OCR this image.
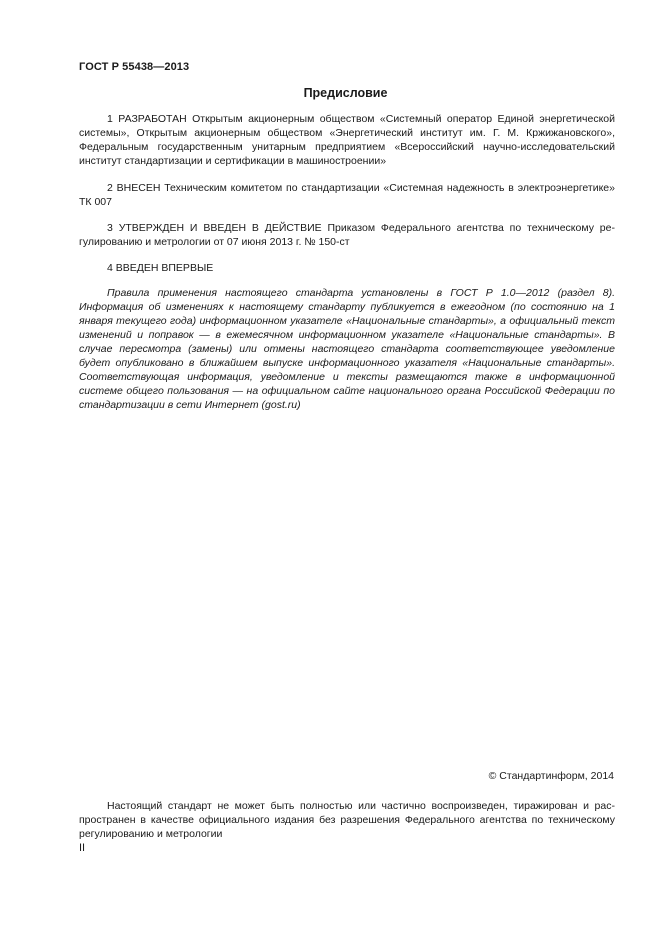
ГОСТ Р 55438—2013
Предисловие

1 РАЗРАБОТАН Открытым акционерным обществом «Системный оператор Единой энергетической системы», Открытым акционерным обществом «Энергетический институт им. Г. М. Кржижановского», Федеральным государственным унитарным предприятием «Всероссийский научно-исследовательский институт стандартизации и сертификации в машиностроении»

2 ВНЕСЕН Техническим комитетом по стандартизации «Системная надежность в электроэнергетике» ТК 007

3 УТВЕРЖДЕН И ВВЕДЕН В ДЕЙСТВИЕ Приказом Федерального агентства по техническому регулированию и метрологии от 07 июня 2013 г. № 150-ст

4 ВВЕДЕН ВПЕРВЫЕ

Правила применения настоящего стандарта установлены в ГОСТ Р 1.0—2012 (раздел 8). Информация об изменениях к настоящему стандарту публикуется в ежегодном (по состоянию на 1 января текущего года) информационном указателе «Национальные стандарты», а официальный текст изменений и поправок — в ежемесячном информационном указателе «Национальные стандарты». В случае пересмотра (замены) или отмены настоящего стандарта соответствующее уведомление будет опубликовано в ближайшем выпуске информационного указателя «Национальные стандарты». Соответствующая информация, уведомление и тексты размещаются также в информационной системе общего пользования — на официальном сайте национального органа Российской Федерации по стандартизации в сети Интернет (gost.ru)

© Стандартинформ, 2014

Настоящий стандарт не может быть полностью или частично воспроизведен, тиражирован и распространен в качестве официального издания без разрешения Федерального агентства по техническому регулированию и метрологии

II
